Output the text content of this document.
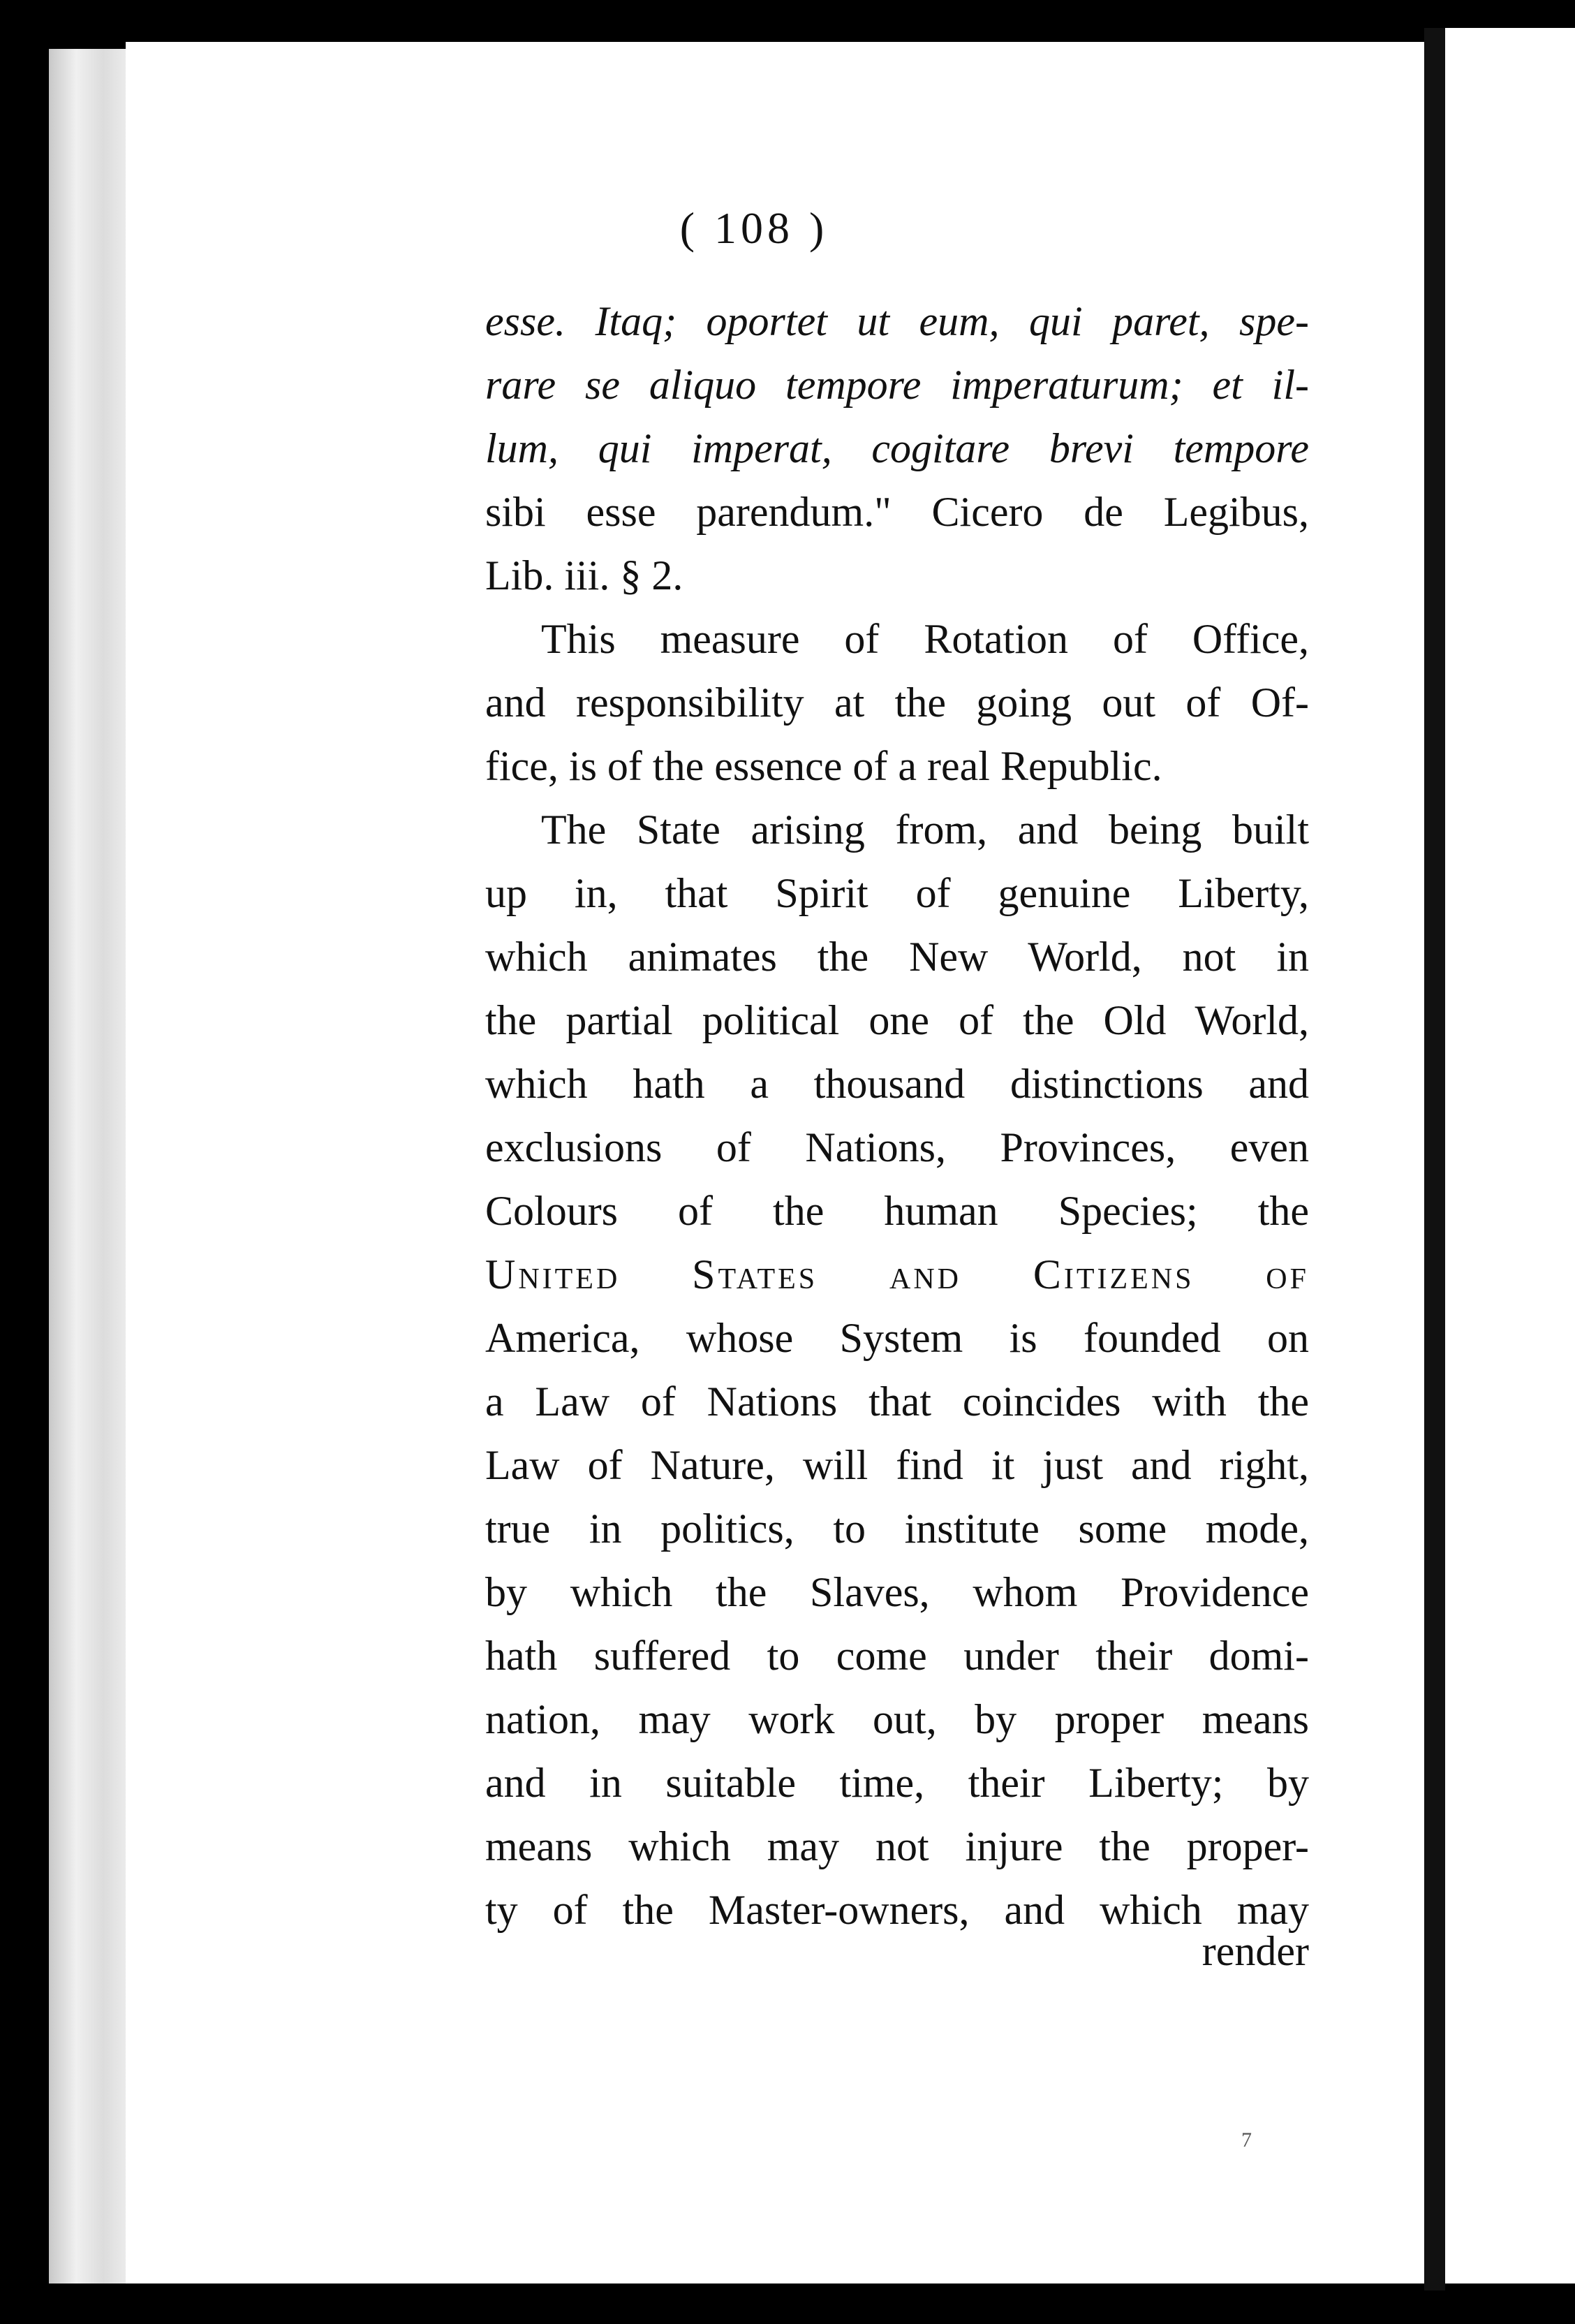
( 108 )
esse. Itaq; oportet ut eum, qui paret, spe-
rare se aliquo tempore imperaturum; et il-
lum, qui imperat, cogitare brevi tempore
sibi esse parendum." Cicero de Legibus,
Lib. iii. § 2.
This measure of Rotation of Office,
and responsibility at the going out of Of-
fice, is of the essence of a real Republic.
The State arising from, and being built
up in, that Spirit of genuine Liberty,
which animates the New World, not in
the partial political one of the Old World,
which hath a thousand distinctions and
exclusions of Nations, Provinces, even
Colours of the human Species; the
United States and Citizens of
America, whose System is founded on
a Law of Nations that coincides with the
Law of Nature, will find it just and right,
true in politics, to institute some mode,
by which the Slaves, whom Providence
hath suffered to come under their domi-
nation, may work out, by proper means
and in suitable time, their Liberty; by
means which may not injure the proper-
ty of the Master-owners, and which may
render
7
